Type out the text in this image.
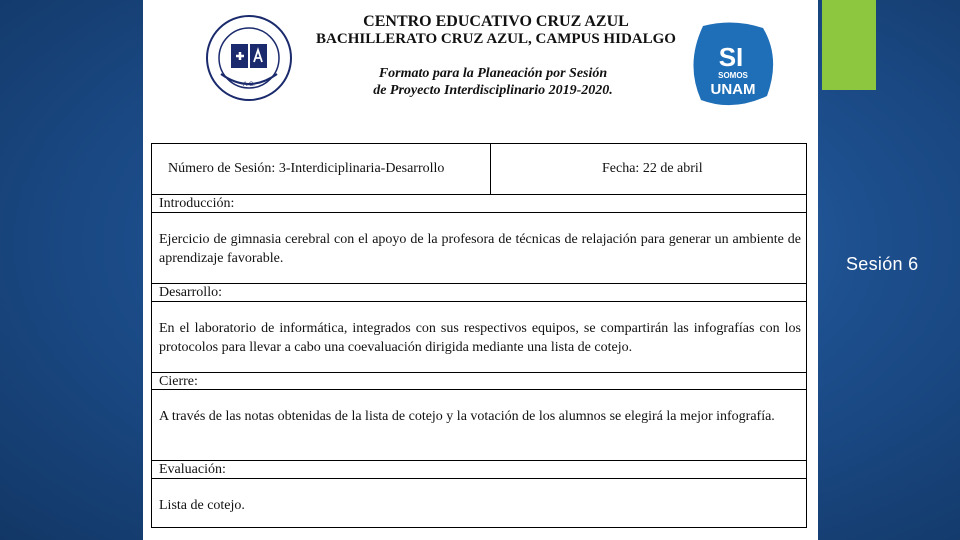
Sesión 6
A.C.
CENTRO EDUCATIVO CRUZ AZUL
BACHILLERATO CRUZ AZUL, CAMPUS HIDALGO
Formato para la Planeación por Sesión
de Proyecto Interdisciplinario 2019-2020.
SI
SOMOS
UNAM
Número de Sesión: 3-Interdiciplinaria-Desarrollo	Fecha: 22 de abril
Introducción:
Ejercicio de gimnasia cerebral con el apoyo de la profesora de técnicas de relajación para generar un ambiente de aprendizaje favorable.
Desarrollo:
En el laboratorio de informática, integrados con sus respectivos equipos, se compartirán las infografías con los protocolos para llevar a cabo una coevaluación dirigida mediante una lista de cotejo.
Cierre:
A través de las notas obtenidas de la lista de cotejo y la votación de los alumnos se elegirá la mejor infografía.
Evaluación:
Lista de cotejo.
